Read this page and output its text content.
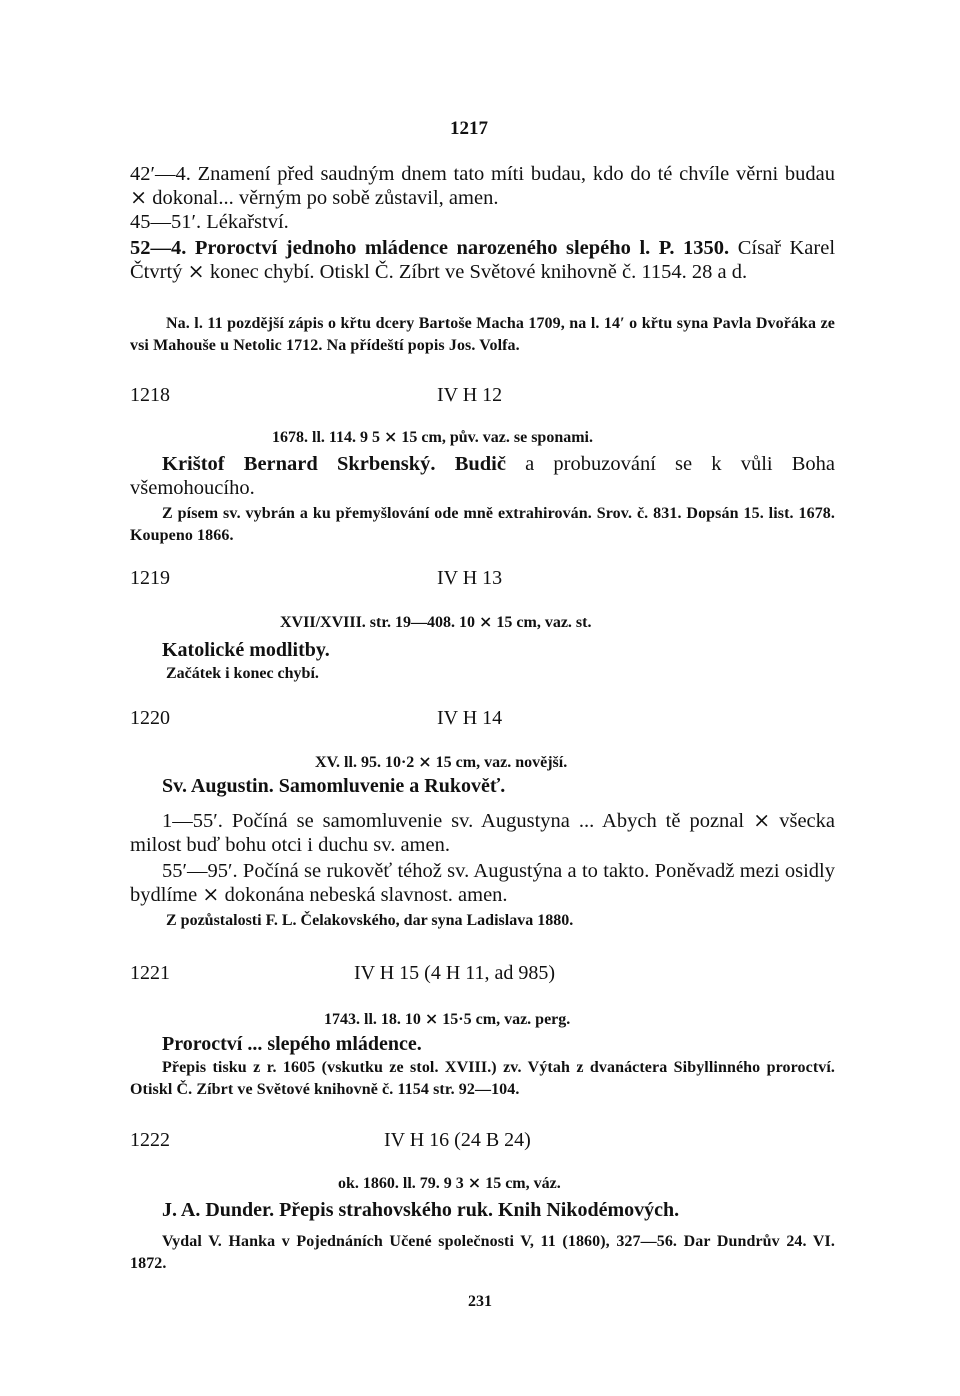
1217
42′—4. Znamení před saudným dnem tato míti budau, kdo do té chvíle věrni budau ⨯ dokonal... věrným po sobě zůstavil, amen.
45—51′. Lékařství.
52—4. Proroctví jednoho mládence narozeného slepého l. P. 1350. Císař Karel Čtvrtý ⨯ konec chybí. Otiskl Č. Zíbrt ve Světové knihovně č. 1154. 28 a d.
Na. l. 11 pozdější zápis o křtu dcery Bartoše Macha 1709, na l. 14′ o křtu syna Pavla Dvořáka ze vsi Mahouše u Netolic 1712. Na přídeští popis Jos. Volfa.
1218	IV H 12
1678. ll. 114. 9 5 ⨯ 15 cm, pův. vaz. se sponami.
Krištof Bernard Skrbenský. Budič a probuzování se k vůli Boha všemohoucího.
Z písem sv. vybrán a ku přemyšlování ode mně extrahirován. Srov. č. 831. Dopsán 15. list. 1678. Koupeno 1866.
1219	IV H 13
XVII/XVIII. str. 19—408. 10 ⨯ 15 cm, vaz. st.
Katolické modlitby.
Začátek i konec chybí.
1220	IV H 14
XV. ll. 95. 10·2 ⨯ 15 cm, vaz. novější.
Sv. Augustin. Samomluvenie a Rukověť.
1—55′. Počíná se samomluvenie sv. Augustyna ... Abych tě poznal ⨯ všecka milost buď bohu otci i duchu sv. amen.
55′—95′. Počíná se rukověť téhož sv. Augustýna a to takto. Poněvadž mezi osidly bydlíme ⨯ dokonána nebeská slavnost. amen.
Z pozůstalosti F. L. Čelakovského, dar syna Ladislava 1880.
1221	IV H 15 (4 H 11, ad 985)
1743. ll. 18. 10 ⨯ 15·5 cm, vaz. perg.
Proroctví ... slepého mládence.
Přepis tisku z r. 1605 (vskutku ze stol. XVIII.) zv. Výtah z dvanáctera Sibyllinného proroctví. Otiskl Č. Zíbrt ve Světové knihovně č. 1154 str. 92—104.
1222	IV H 16 (24 B 24)
ok. 1860. ll. 79. 9 3 ⨯ 15 cm, váz.
J. A. Dunder. Přepis strahovského ruk. Knih Nikodémových.
Vydal V. Hanka v Pojednáních Učené společnosti V, 11 (1860), 327—56. Dar Dundrův 24. VI. 1872.
231
